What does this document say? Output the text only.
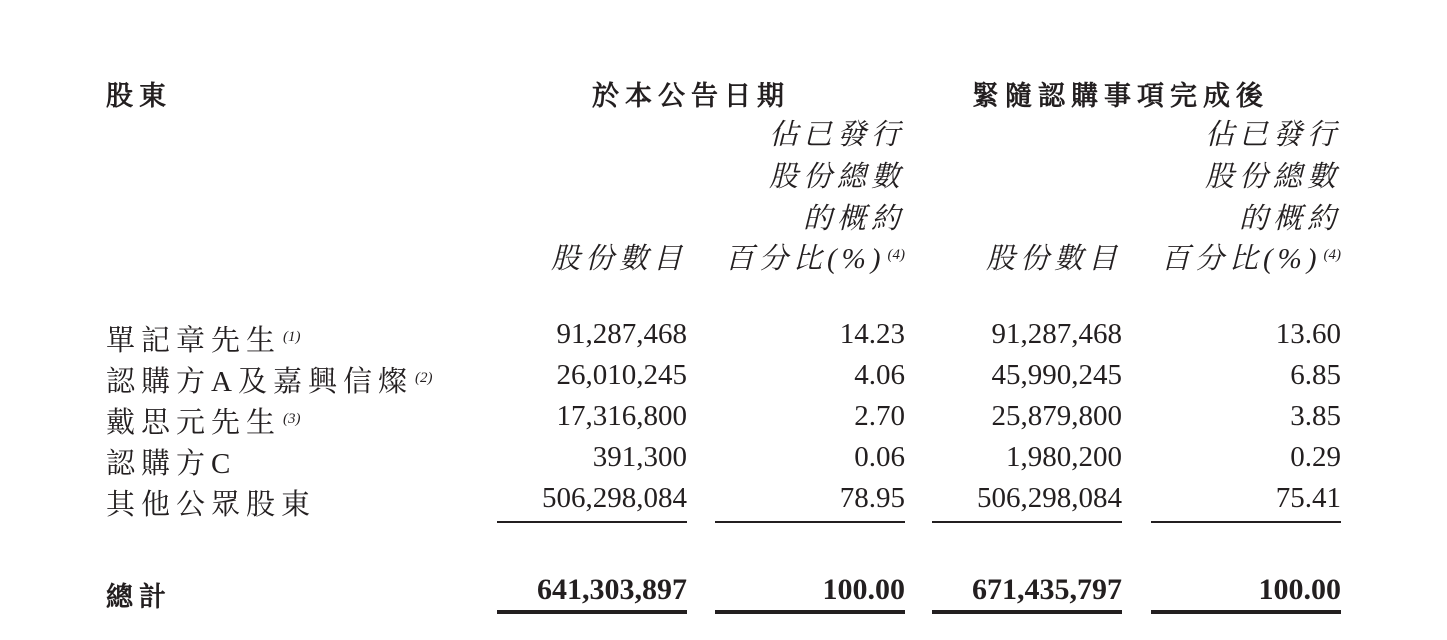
股東	於本公告日期	緊隨認購事項完成後
佔已發行
股份總數
的概約
佔已發行
股份總數
的概約
股份數目 百分比(%) $^{(4)}$	股份數目 百分比(%) $^{(4)}$
單記章先生 $^{(1)}$	91,287,468	14.23	91,287,468	13.60
認購方A及嘉興信燦 $^{(2)}$	26,010,245	4.06	45,990,245	6.85
戴思元先生 $^{(3)}$	17,316,800	2.70	25,879,800	3.85
認購方C	391,300	0.06	1,980,200	0.29
其他公眾股東	506,298,084	78.95 506,298,084	75.41
總計	641,303,897	100.00 671,435,797	100.00
